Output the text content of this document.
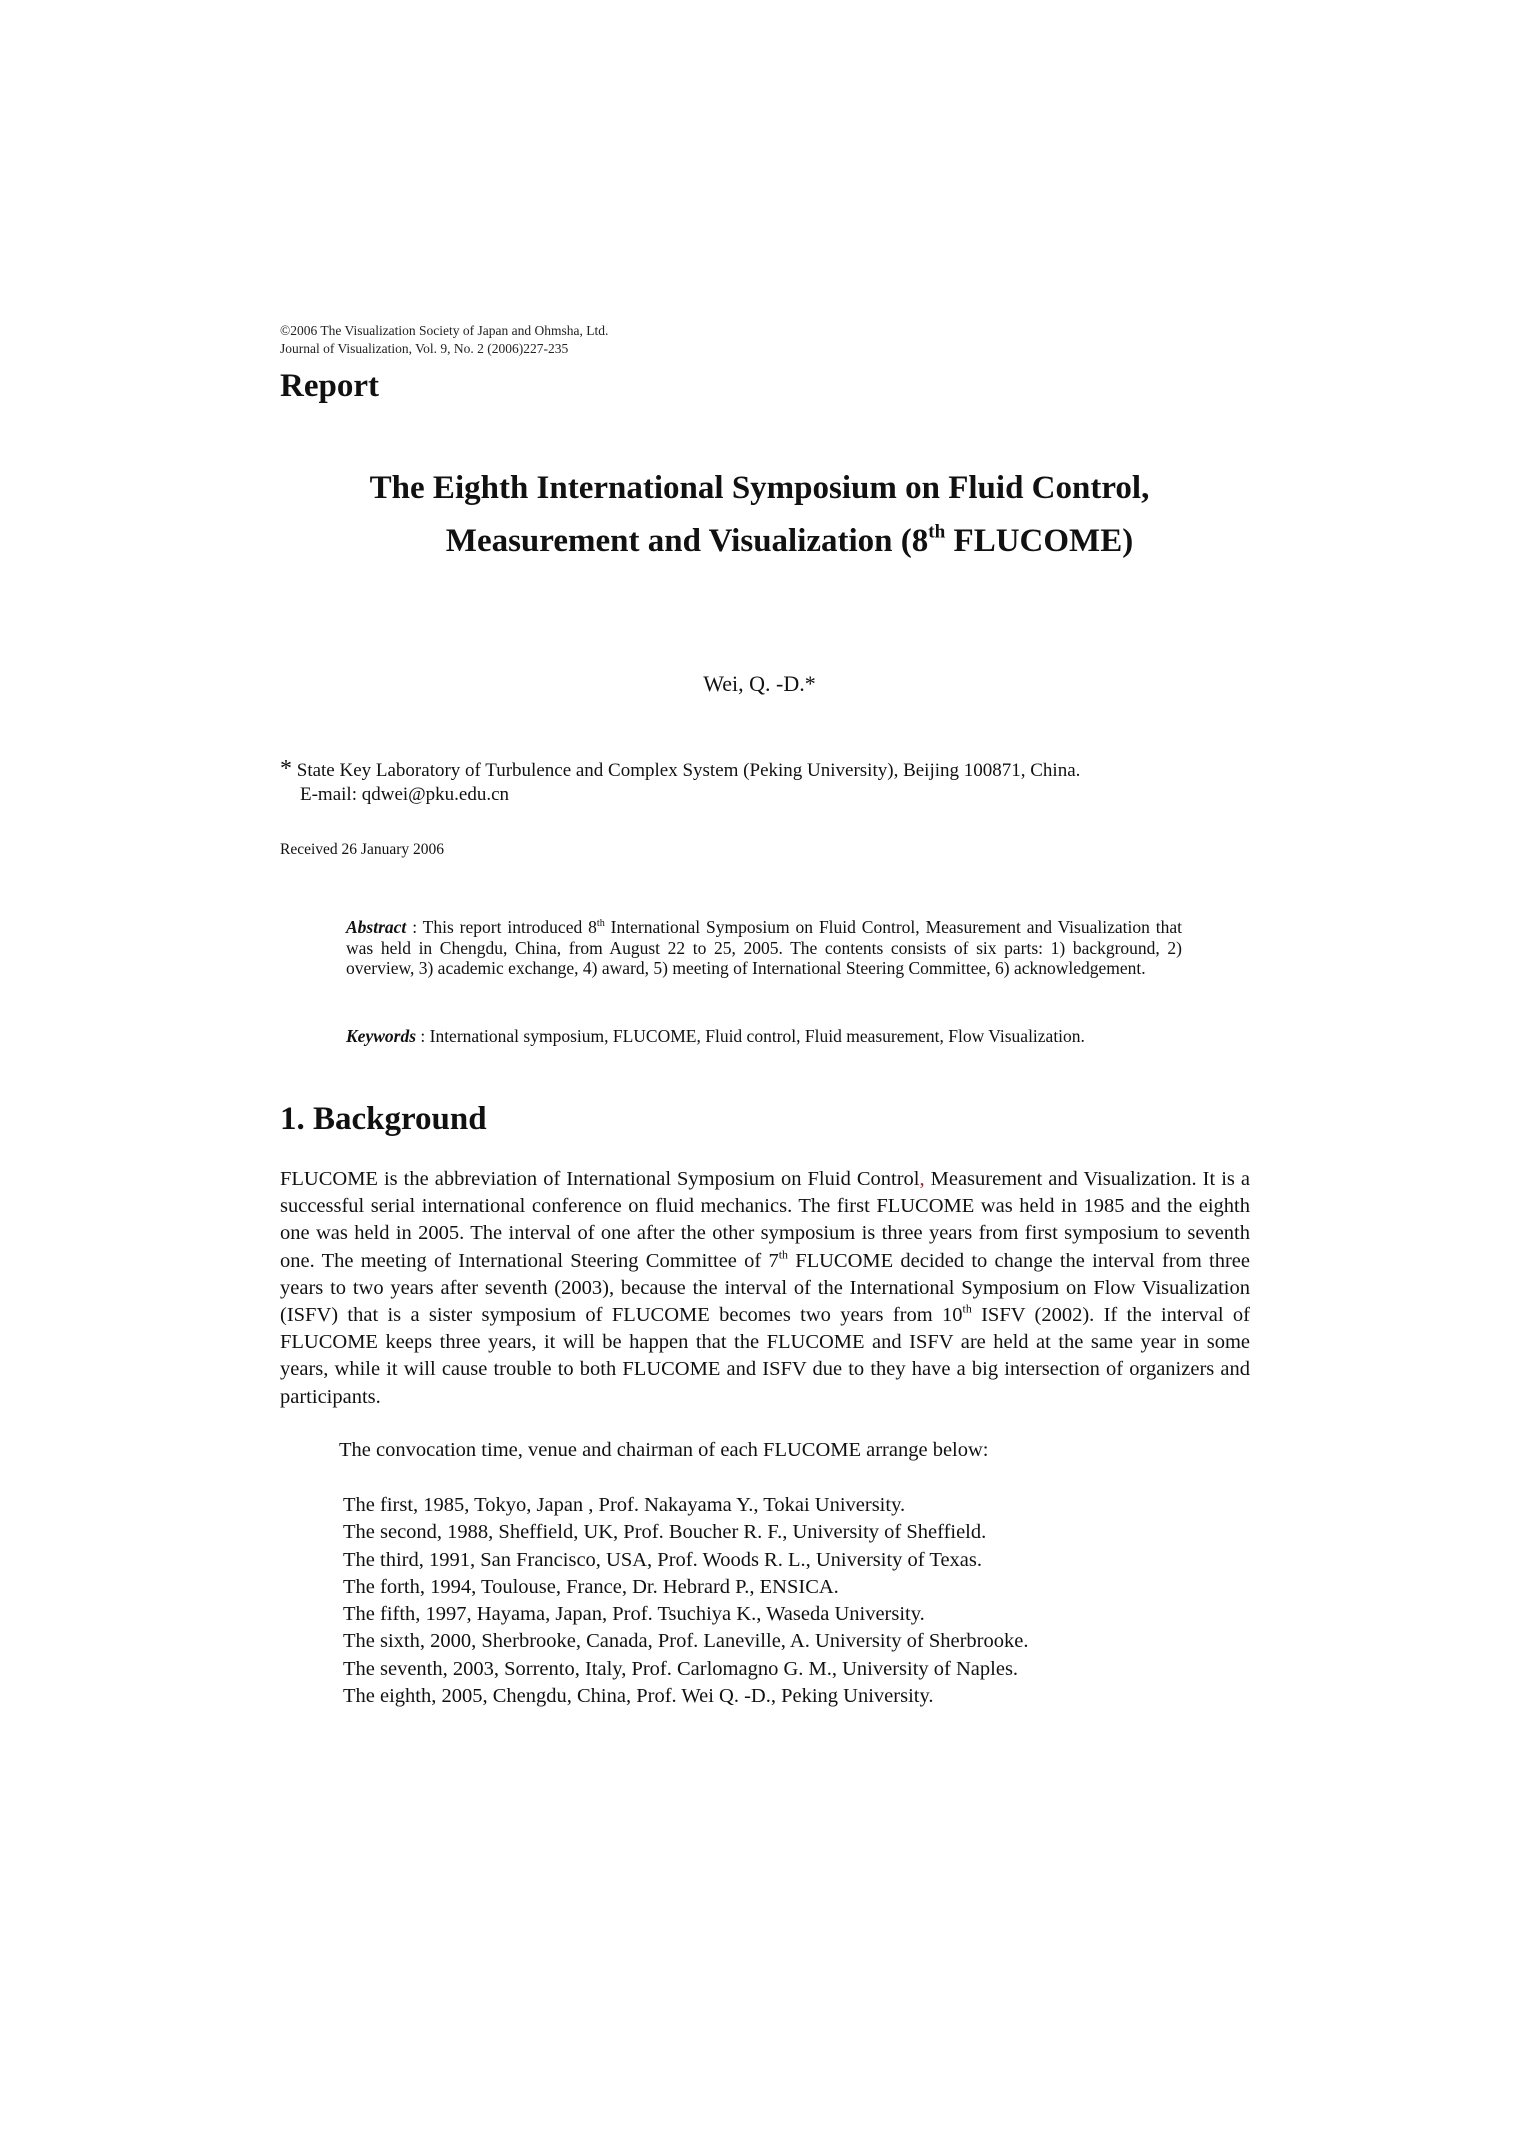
©2006 The Visualization Society of Japan and Ohmsha, Ltd.
Journal of Visualization, Vol. 9, No. 2 (2006)227-235
Report
The Eighth International Symposium on Fluid Control,
Measurement and Visualization (8th FLUCOME)
Wei, Q. -D.*
* State Key Laboratory of Turbulence and Complex System (Peking University), Beijing 100871, China.
E-mail: qdwei@pku.edu.cn
Received 26 January 2006
Abstract : This report introduced 8th International Symposium on Fluid Control, Measurement and Visualization that was held in Chengdu, China, from August 22 to 25, 2005. The contents consists of six parts: 1) background, 2) overview, 3) academic exchange, 4) award, 5) meeting of International Steering Committee, 6) acknowledgement.
Keywords : International symposium, FLUCOME, Fluid control, Fluid measurement, Flow Visualization.
1. Background
FLUCOME is the abbreviation of International Symposium on Fluid Control, Measurement and Visualization. It is a successful serial international conference on fluid mechanics. The first FLUCOME was held in 1985 and the eighth one was held in 2005. The interval of one after the other symposium is three years from first symposium to seventh one. The meeting of International Steering Committee of 7th FLUCOME decided to change the interval from three years to two years after seventh (2003), because the interval of the International Symposium on Flow Visualization (ISFV) that is a sister symposium of FLUCOME becomes two years from 10th ISFV (2002). If the interval of FLUCOME keeps three years, it will be happen that the FLUCOME and ISFV are held at the same year in some years, while it will cause trouble to both FLUCOME and ISFV due to they have a big intersection of organizers and participants.
The convocation time, venue and chairman of each FLUCOME arrange below:
The first, 1985, Tokyo, Japan , Prof. Nakayama Y., Tokai University.
The second, 1988, Sheffield, UK, Prof. Boucher R. F., University of Sheffield.
The third, 1991, San Francisco, USA, Prof. Woods R. L., University of Texas.
The forth, 1994, Toulouse, France, Dr. Hebrard P., ENSICA.
The fifth, 1997, Hayama, Japan, Prof. Tsuchiya K., Waseda University.
The sixth, 2000, Sherbrooke, Canada, Prof. Laneville, A. University of Sherbrooke.
The seventh, 2003, Sorrento, Italy, Prof. Carlomagno G. M., University of Naples.
The eighth, 2005, Chengdu, China, Prof. Wei Q. -D., Peking University.
